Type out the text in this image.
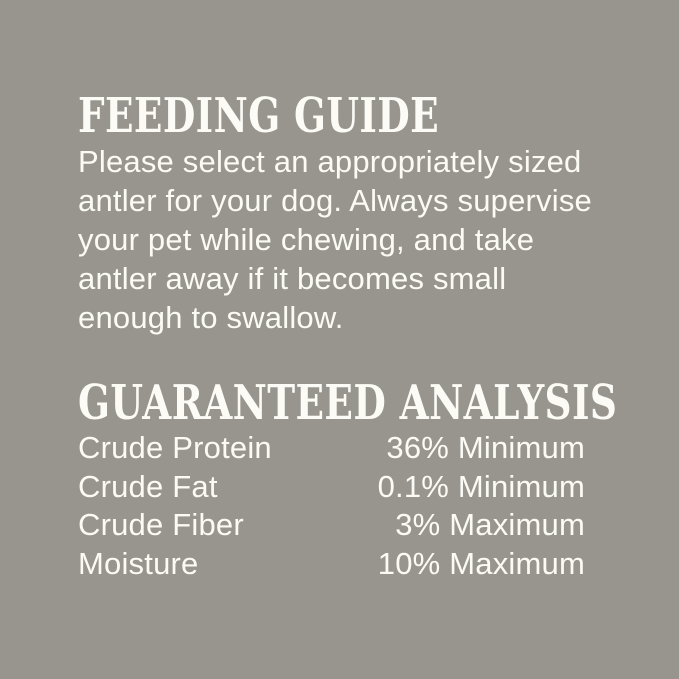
FEEDING GUIDE
Please select an appropriately sized
antler for your dog. Always supervise
your pet while chewing, and take
antler away if it becomes small
enough to swallow.
GUARANTEED ANALYSIS
Crude Protein	36% Minimum
Crude Fat	0.1% Minimum
Crude Fiber	3% Maximum
Moisture	10% Maximum
